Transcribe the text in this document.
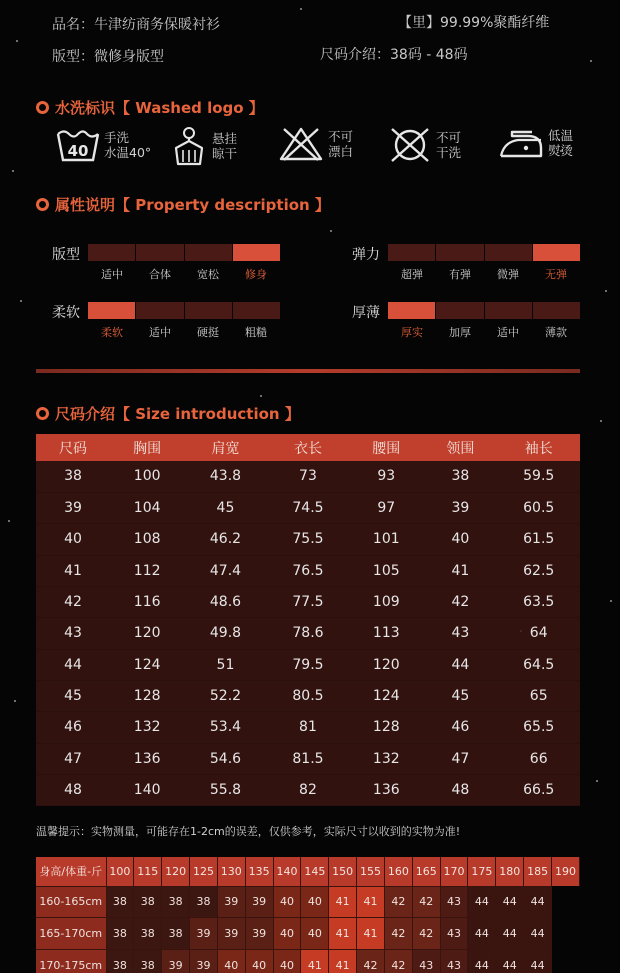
品名：牛津纺商务保暖衬衫	【里】99.99%聚酯纤维
版型：微修身版型	尺码介绍：38码 - 48码
水洗标识【 Washed logo 】
40
手洗
水温40°
悬挂
晾干
不可
漂白
不可
干洗
低温
熨烫
属性说明【 Property description 】
版型
适中	合体	宽松	修身
弹力
超弹	有弹	微弹	无弹
柔软
柔软	适中	硬挺	粗糙
厚薄
厚实	加厚	适中	薄款
尺码介绍【 Size introduction 】
尺码	胸围	肩宽	衣长	腰围	领围	袖长
38	100	43.8	73	93	38	59.5
39	104	45	74.5	97	39	60.5
40	108	46.2	75.5	101	40	61.5
41	112	47.4	76.5	105	41	62.5
42	116	48.6	77.5	109	42	63.5
43	120	49.8	78.6	113	43	64
44	124	51	79.5	120	44	64.5
45	128	52.2	80.5	124	45	65
46	132	53.4	81	128	46	65.5
47	136	54.6	81.5	132	47	66
48	140	55.8	82	136	48	66.5
温馨提示：实物测量，可能存在1-2cm的误差，仅供参考，实际尺寸以收到的实物为准!
身高/体重-斤	100	115	120	125	130	135	140	145	150	155	160	165	170	175	180	185	190
160-165cm	38	38	38	38	39	39	40	40	41	41	42	42	43	44	44	44	
165-170cm	38	38	38	39	39	39	40	40	41	41	42	42	43	44	44	44	
170-175cm	38	38	39	39	40	40	40	41	41	42	42	43	43	44	44	44	
